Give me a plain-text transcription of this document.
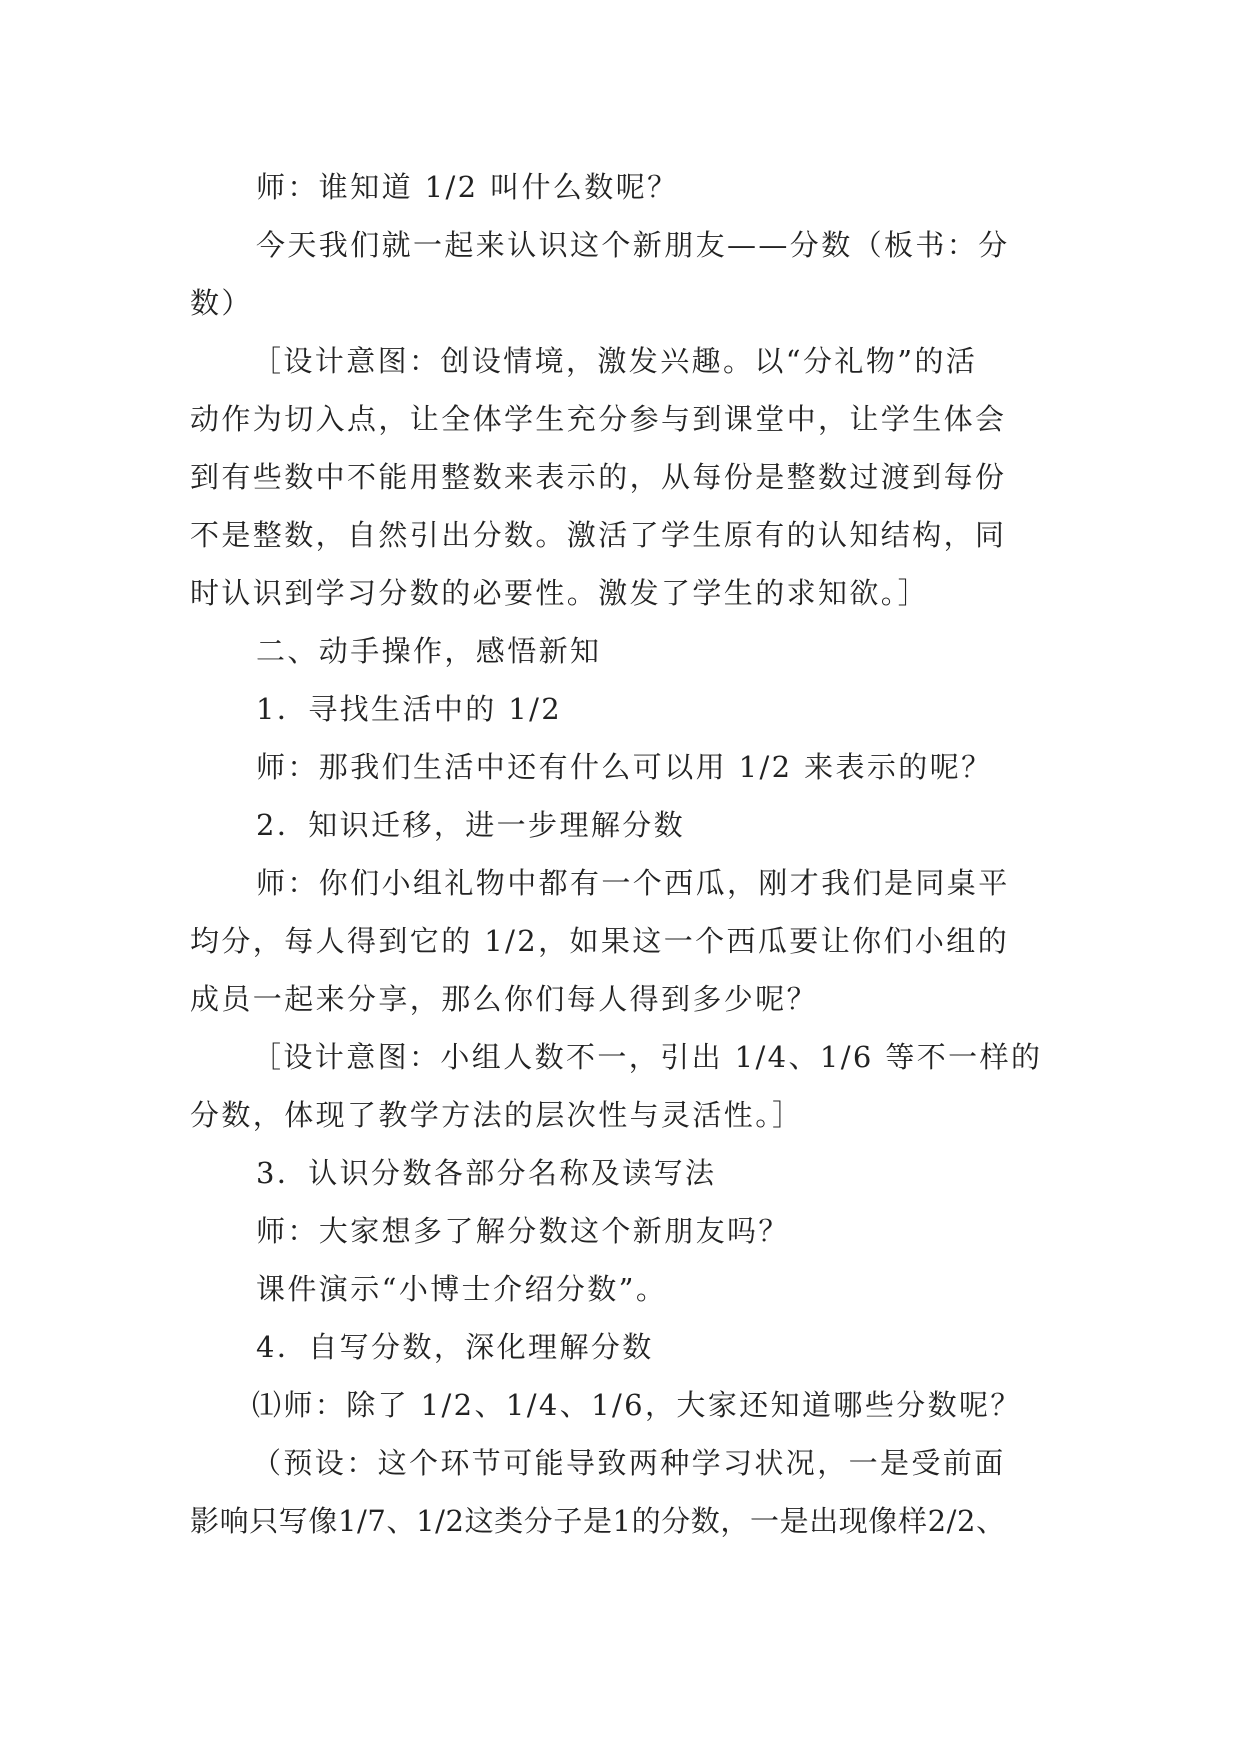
师：谁知道 1/2 叫什么数呢？
今天我们就一起来认识这个新朋友——分数（板书：分
数）
［设计意图：创设情境，激发兴趣。以“分礼物”的活
动作为切入点，让全体学生充分参与到课堂中，让学生体会
到有些数中不能用整数来表示的，从每份是整数过渡到每份
不是整数，自然引出分数。激活了学生原有的认知结构，同
时认识到学习分数的必要性。激发了学生的求知欲。］
二、动手操作，感悟新知
1．寻找生活中的 1/2
师：那我们生活中还有什么可以用 1/2 来表示的呢？
2．知识迁移，进一步理解分数
师：你们小组礼物中都有一个西瓜，刚才我们是同桌平
均分，每人得到它的 1/2，如果这一个西瓜要让你们小组的
成员一起来分享，那么你们每人得到多少呢？
［设计意图：小组人数不一，引出 1/4、1/6 等不一样的
分数，体现了教学方法的层次性与灵活性。］
3．认识分数各部分名称及读写法
师：大家想多了解分数这个新朋友吗？
课件演示“小博士介绍分数”。
4．自写分数，深化理解分数
⑴师：除了 1/2、1/4、1/6，大家还知道哪些分数呢？
（预设：这个环节可能导致两种学习状况，一是受前面
影响只写像1/7、1/2这类分子是1的分数，一是出现像样2/2、
